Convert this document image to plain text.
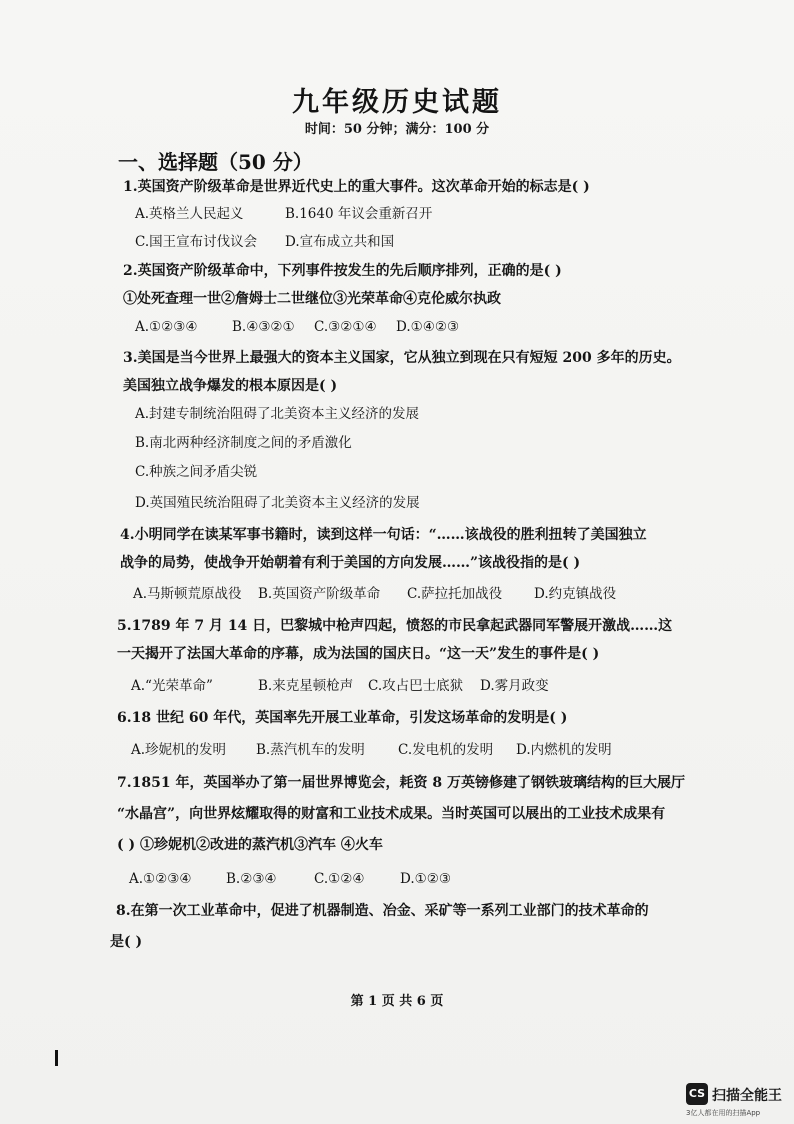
九年级历史试题
时间：50 分钟；满分：100 分
一、选择题（50 分）
1.英国资产阶级革命是世界近代史上的重大事件。这次革命开始的标志是( )
A.英格兰人民起义	B.1640 年议会重新召开
C.国王宣布讨伐议会 D.宣布成立共和国
2.英国资产阶级革命中，下列事件按发生的先后顺序排列，正确的是( )
①处死查理一世②詹姆士二世继位③光荣革命④克伦威尔执政
A.①②③④	B.④③②① C.③②①④ D.①④②③
3.美国是当今世界上最强大的资本主义国家，它从独立到现在只有短短 200 多年的历史。
美国独立战争爆发的根本原因是( )
A.封建专制统治阻碍了北美资本主义经济的发展
B.南北两种经济制度之间的矛盾激化
C.种族之间矛盾尖锐
D.英国殖民统治阻碍了北美资本主义经济的发展
4.小明同学在读某军事书籍时，读到这样一句话：“……该战役的胜利扭转了美国独立
战争的局势，使战争开始朝着有利于美国的方向发展……”该战役指的是( )
A.马斯顿荒原战役 B.英国资产阶级革命 C.萨拉托加战役 D.约克镇战役
5.1789 年 7 月 14 日，巴黎城中枪声四起，愤怒的市民拿起武器同军警展开激战……这
一天揭开了法国大革命的序幕，成为法国的国庆日。“这一天”发生的事件是( )
A.“光荣革命”	B.来克星顿枪声 C.攻占巴士底狱 D.雾月政变
6.18 世纪 60 年代，英国率先开展工业革命，引发这场革命的发明是( )
A.珍妮机的发明 B.蒸汽机车的发明 C.发电机的发明 D.内燃机的发明
7.1851 年，英国举办了第一届世界博览会，耗资 8 万英镑修建了钢铁玻璃结构的巨大展厅
“水晶宫”，向世界炫耀取得的财富和工业技术成果。当时英国可以展出的工业技术成果有
( ) ①珍妮机②改进的蒸汽机③汽车 ④火车
A.①②③④	B.②③④	C.①②④	D.①②③
8.在第一次工业革命中，促进了机器制造、冶金、采矿等一系列工业部门的技术革命的
是( )
第 1 页 共 6 页
CS 扫描全能王
3亿人都在用的扫描App
